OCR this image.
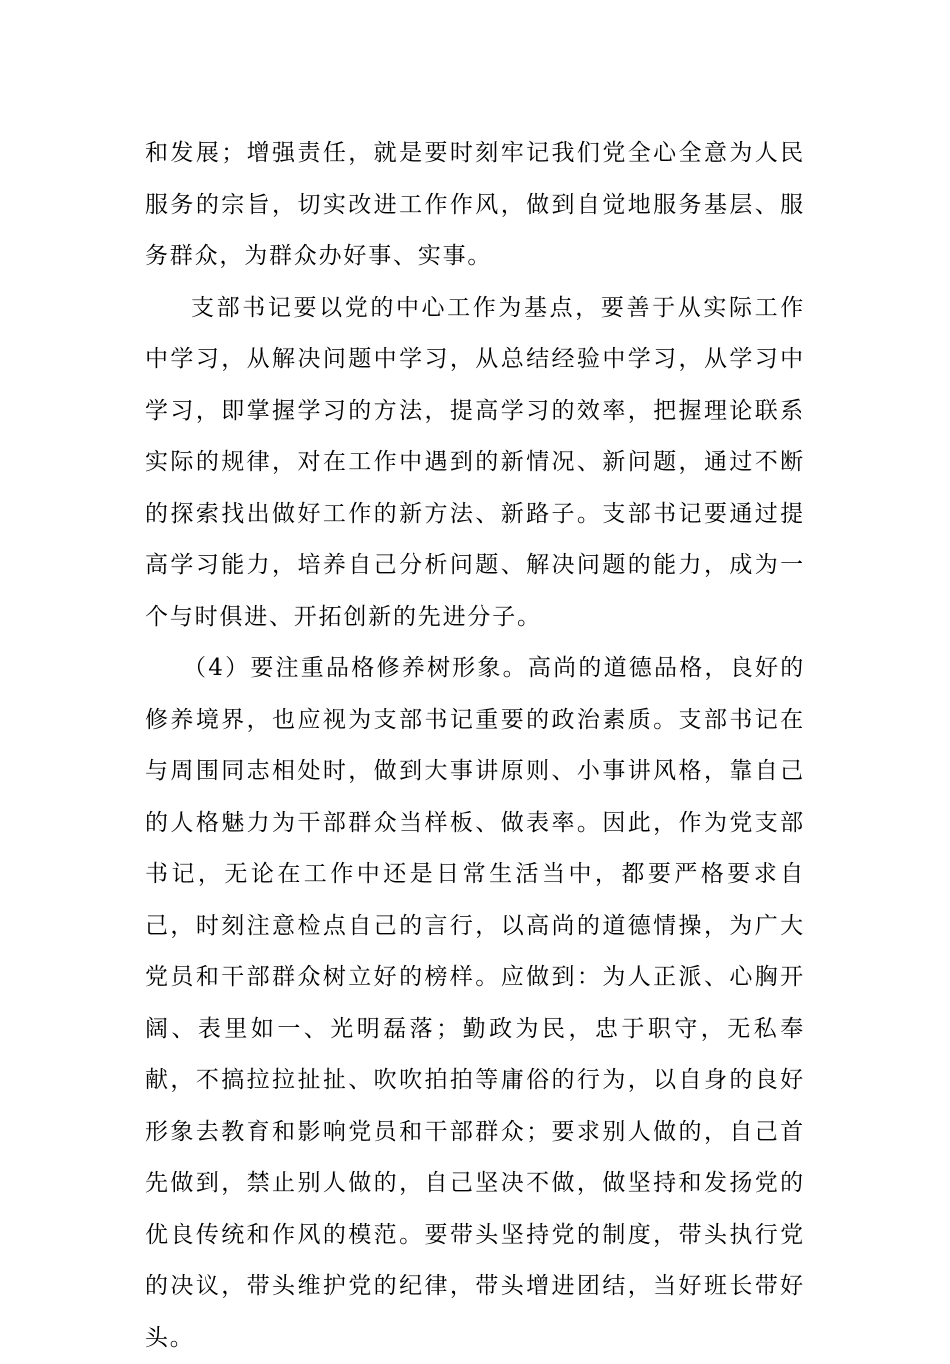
和发展；增强责任，就是要时刻牢记我们党全心全意为人民服务的宗旨，切实改进工作作风，做到自觉地服务基层、服务群众，为群众办好事、实事。

支部书记要以党的中心工作为基点，要善于从实际工作中学习，从解决问题中学习，从总结经验中学习，从学习中学习，即掌握学习的方法，提高学习的效率，把握理论联系实际的规律，对在工作中遇到的新情况、新问题，通过不断的探索找出做好工作的新方法、新路子。支部书记要通过提高学习能力，培养自己分析问题、解决问题的能力，成为一个与时俱进、开拓创新的先进分子。

（4）要注重品格修养树形象。高尚的道德品格，良好的修养境界，也应视为支部书记重要的政治素质。支部书记在与周围同志相处时，做到大事讲原则、小事讲风格，靠自己的人格魅力为干部群众当样板、做表率。因此，作为党支部书记，无论在工作中还是日常生活当中，都要严格要求自己，时刻注意检点自己的言行，以高尚的道德情操，为广大党员和干部群众树立好的榜样。应做到：为人正派、心胸开阔、表里如一、光明磊落；勤政为民，忠于职守，无私奉献，不搞拉拉扯扯、吹吹拍拍等庸俗的行为，以自身的良好形象去教育和影响党员和干部群众；要求别人做的，自己首先做到，禁止别人做的，自己坚决不做，做坚持和发扬党的优良传统和作风的模范。要带头坚持党的制度，带头执行党的决议，带头维护党的纪律，带头增进团结，当好班长带好头。
